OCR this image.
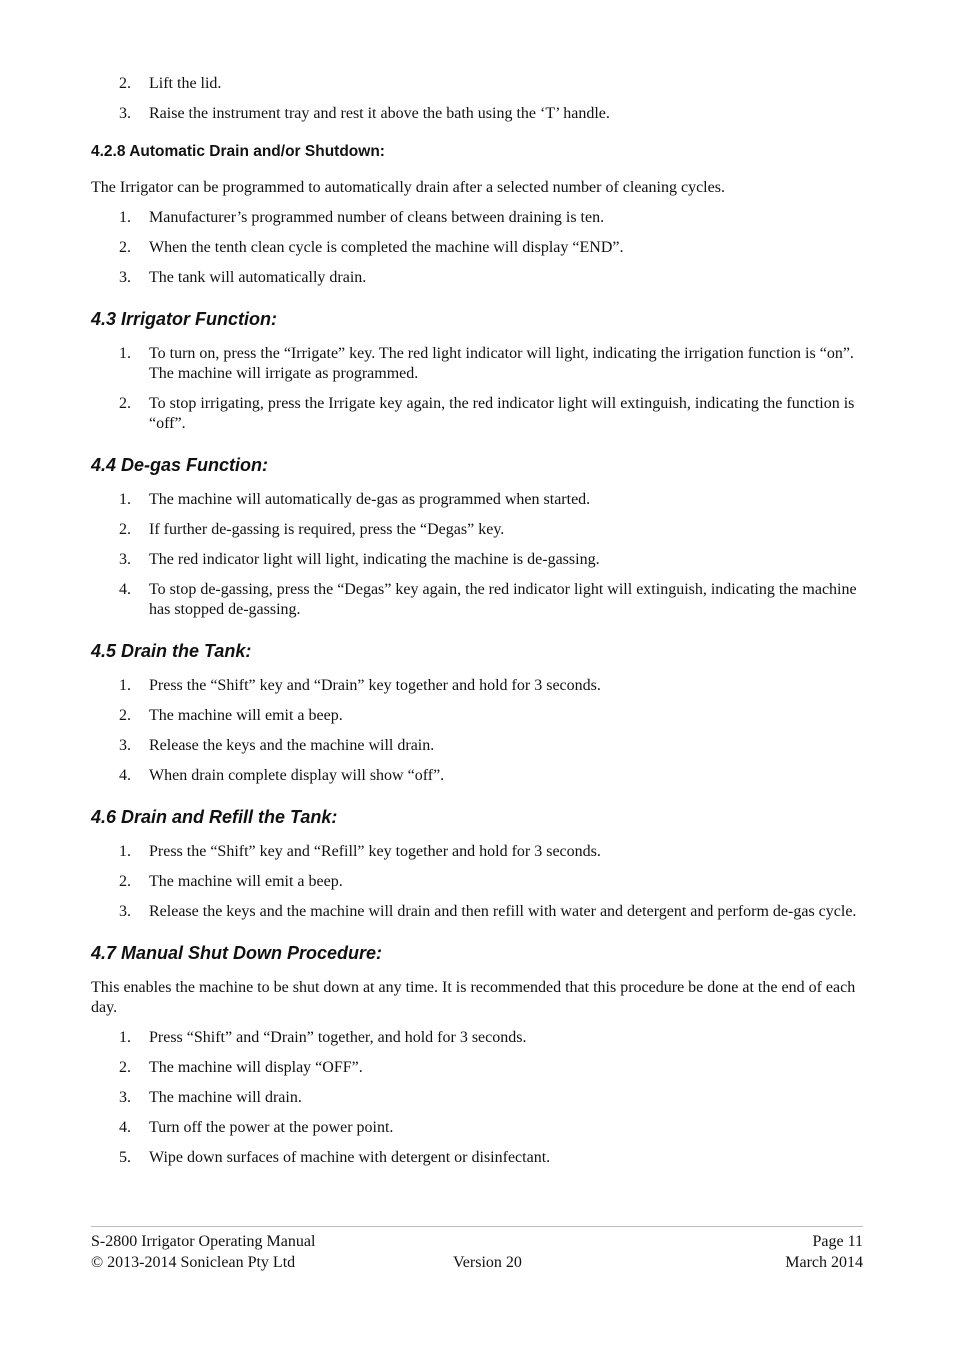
2.	Lift the lid.
3.	Raise the instrument tray and rest it above the bath using the ‘T’ handle.
4.2.8 Automatic Drain and/or Shutdown:
The Irrigator can be programmed to automatically drain after a selected number of cleaning cycles.
1.	Manufacturer’s programmed number of cleans between draining is ten.
2.	When the tenth clean cycle is completed the machine will display “END”.
3.	The tank will automatically drain.
4.3 Irrigator Function:
1.	To turn on, press the “Irrigate” key. The red light indicator will light, indicating the irrigation function is “on”. The machine will irrigate as programmed.
2.	To stop irrigating, press the Irrigate key again, the red indicator light will extinguish, indicating the function is “off”.
4.4 De-gas Function:
1.	The machine will automatically de-gas as programmed when started.
2.	If further de-gassing is required, press the “Degas” key.
3.	The red indicator light will light, indicating the machine is de-gassing.
4.	To stop de-gassing, press the “Degas” key again, the red indicator light will extinguish, indicating the machine has stopped de-gassing.
4.5 Drain the Tank:
1.	Press the “Shift” key and “Drain” key together and hold for 3 seconds.
2.	The machine will emit a beep.
3.	Release the keys and the machine will drain.
4.	When drain complete display will show “off”.
4.6 Drain and Refill the Tank:
1.	Press the “Shift” key and “Refill” key together and hold for 3 seconds.
2.	The machine will emit a beep.
3.	Release the keys and the machine will drain and then refill with water and detergent and perform de-gas cycle.
4.7 Manual Shut Down Procedure:
This enables the machine to be shut down at any time. It is recommended that this procedure be done at the end of each day.
1.	Press “Shift” and “Drain” together, and hold for 3 seconds.
2.	The machine will display “OFF”.
3.	The machine will drain.
4.	Turn off the power at the power point.
5.	Wipe down surfaces of machine with detergent or disinfectant.
S-2800 Irrigator Operating Manual	Page 11
© 2013-2014 Soniclean Pty Ltd	Version 20	March 2014
